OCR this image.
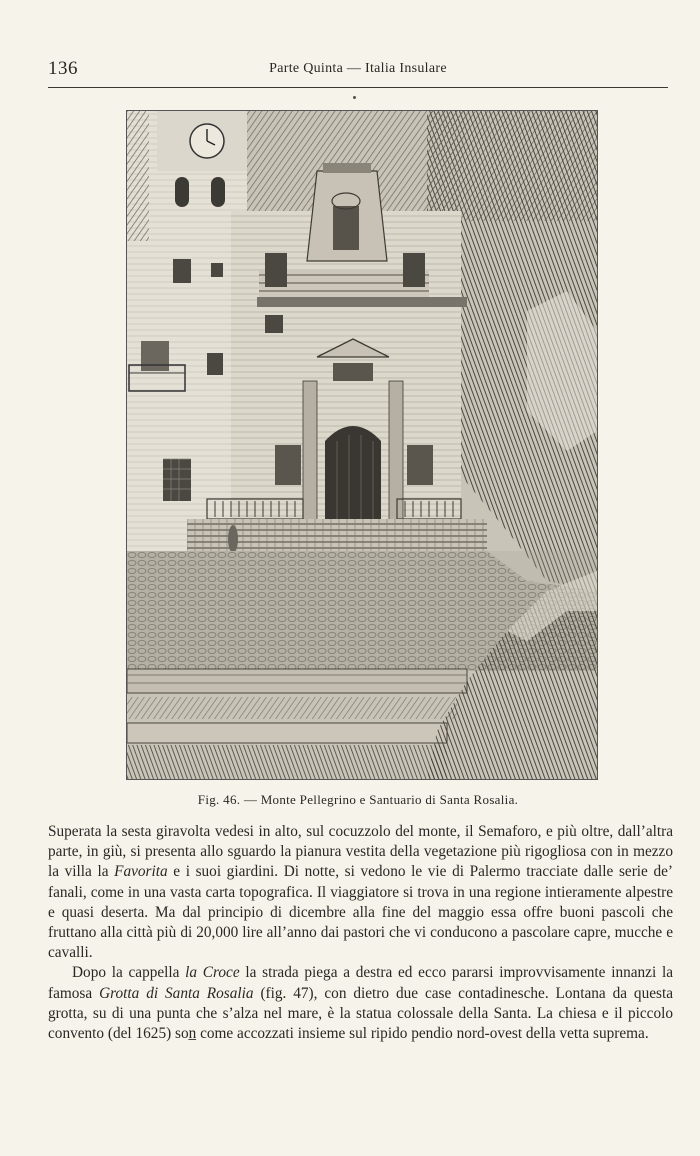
136	Parte Quinta — Italia Insulare
Fig. 46. — Monte Pellegrino e Santuario di Santa Rosalia.

Superata la sesta giravolta vedesi in alto, sul cocuzzolo del monte, il Semaforo, e più oltre, dall’altra parte, in giù, si presenta allo sguardo la pianura vestita della vegetazione più rigogliosa con in mezzo la villa la Favorita e i suoi giardini. Di notte, si vedono le vie di Palermo tracciate dalle serie de’ fanali, come in una vasta carta topografica. Il viaggiatore si trova in una regione intieramente alpestre e quasi deserta. Ma dal principio di dicembre alla fine del maggio essa offre buoni pascoli che fruttano alla città più di 20,000 lire all’anno dai pastori che vi conducono a pascolare capre, mucche e cavalli.

Dopo la cappella la Croce la strada piega a destra ed ecco pararsi improvvisamente innanzi la famosa Grotta di Santa Rosalia (fig. 47), con dietro due case contadinesche. Lontana da questa grotta, su di una punta che s’alza nel mare, è la statua colossale della Santa. La chiesa e il piccolo convento (del 1625) son̲ come accozzati insieme sul ripido pendio nord-ovest della vetta suprema.
